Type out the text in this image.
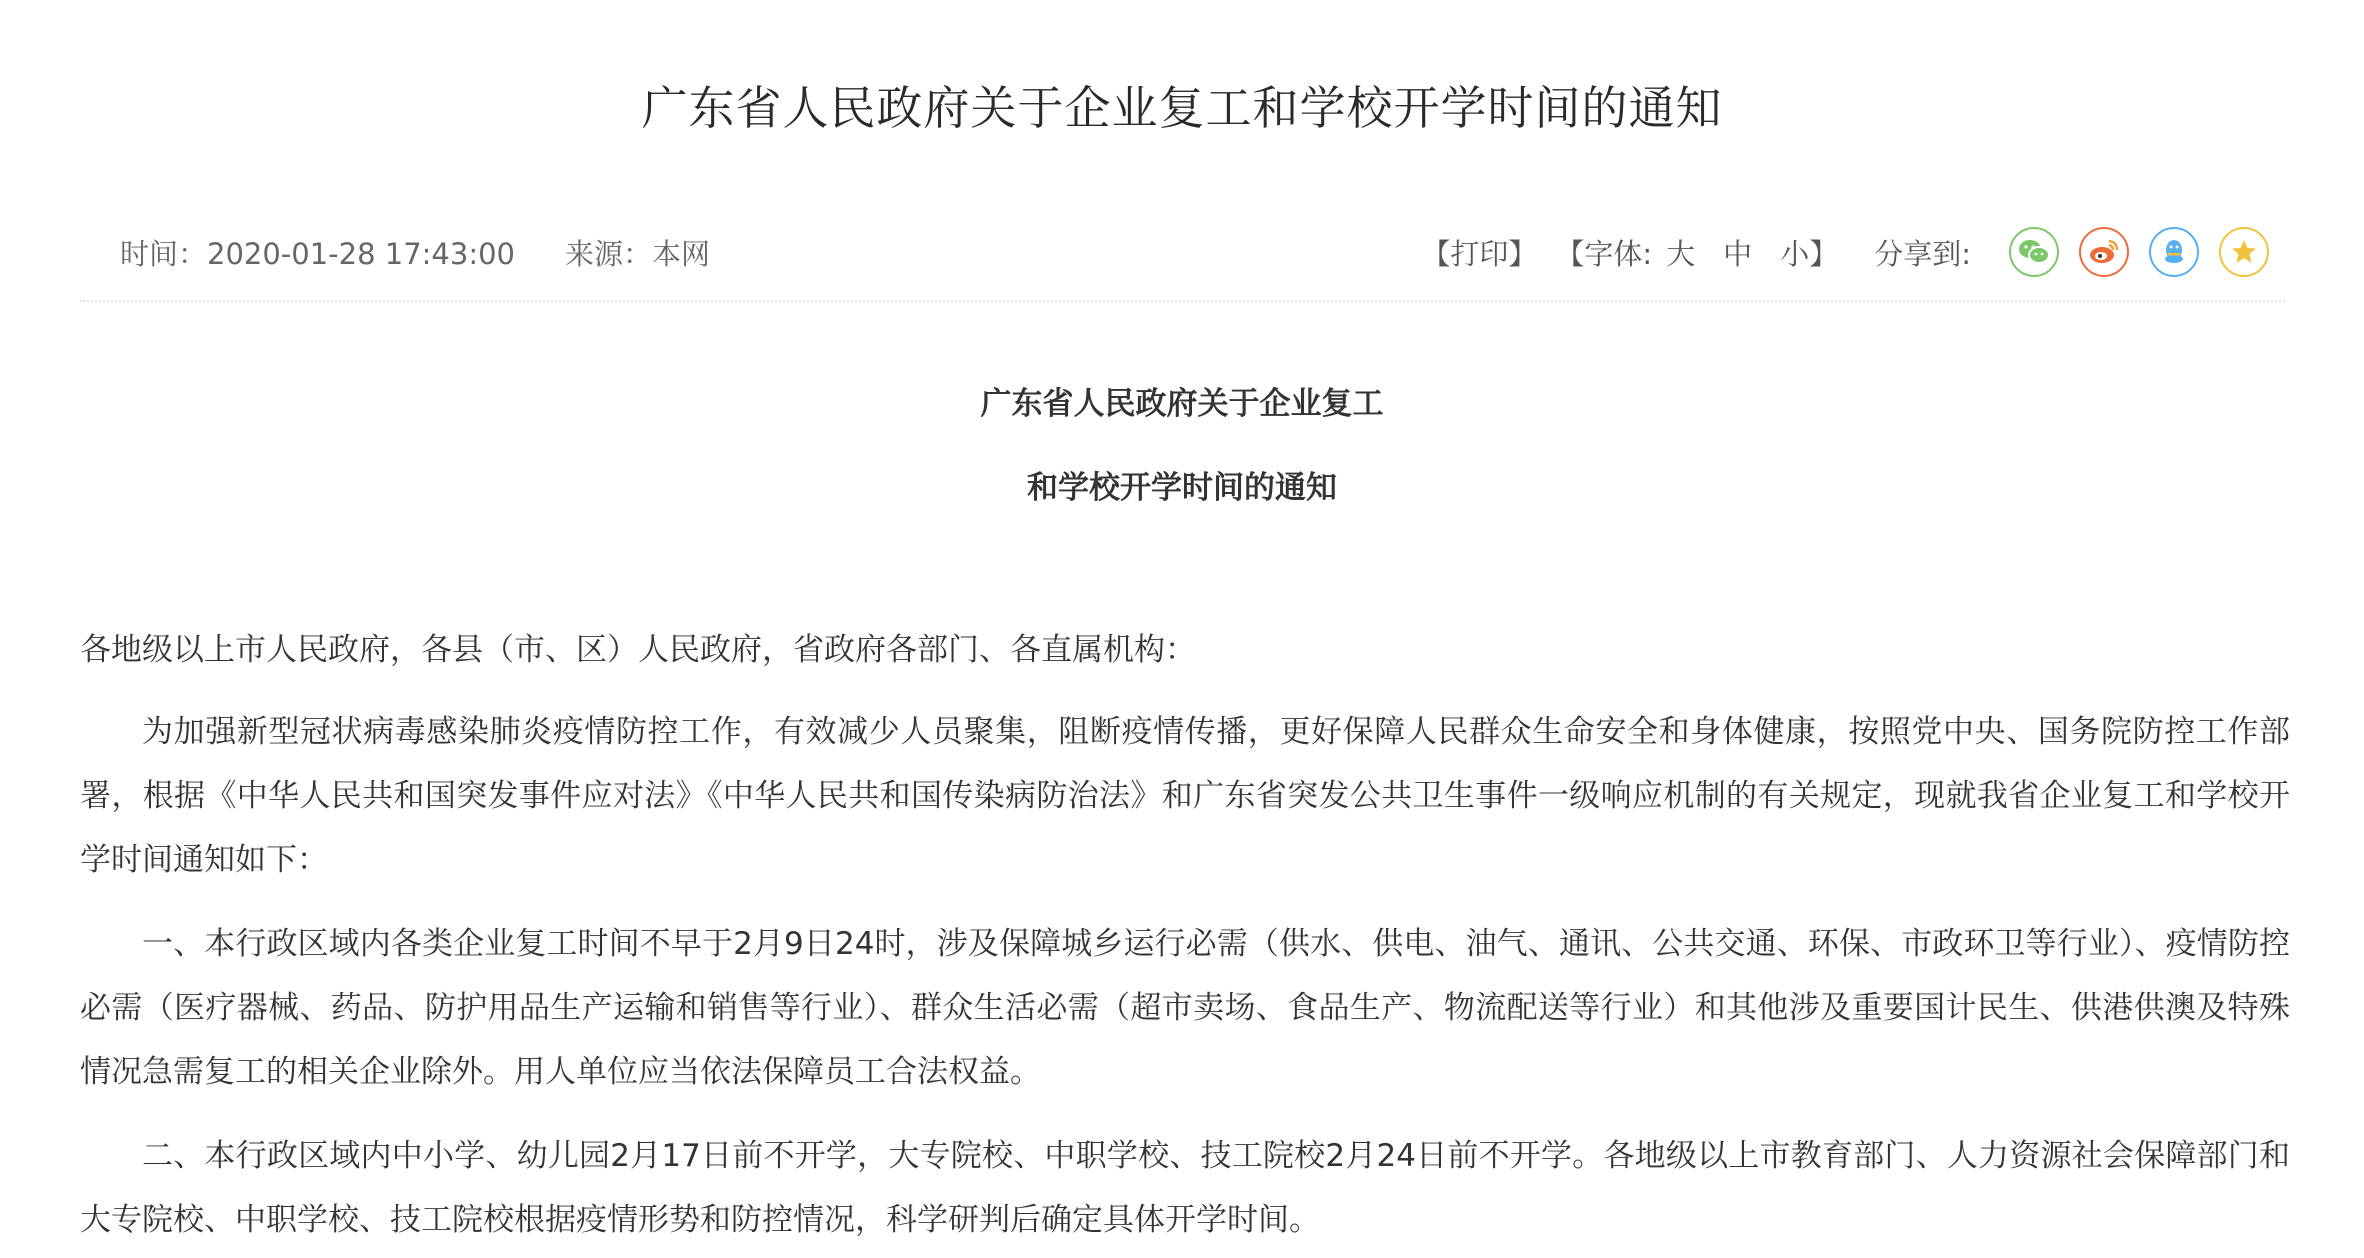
广东省人民政府关于企业复工和学校开学时间的通知
时间：2020-01-28 17:43:00 来源：本网	【打印】 【字体: 大 中 小 】 分享到:
广东省人民政府关于企业复工
和学校开学时间的通知

各地级以上市人民政府，各县（市、区）人民政府，省政府各部门、各直属机构：

为加强新型冠状病毒感染肺炎疫情防控工作，有效减少人员聚集，阻断疫情传播，更好保障人民群众生命安全和身体健康，按照党中央、国务院防控工作部署，根据《中华人民共和国突发事件应对法》《中华人民共和国传染病防治法》和广东省突发公共卫生事件一级响应机制的有关规定，现就我省企业复工和学校开学时间通知如下：

一、本行政区域内各类企业复工时间不早于2月9日24时，涉及保障城乡运行必需（供水、供电、油气、通讯、公共交通、环保、市政环卫等行业）、疫情防控必需（医疗器械、药品、防护用品生产运输和销售等行业）、群众生活必需（超市卖场、食品生产、物流配送等行业）和其他涉及重要国计民生、供港供澳及特殊情况急需复工的相关企业除外。用人单位应当依法保障员工合法权益。

二、本行政区域内中小学、幼儿园2月17日前不开学，大专院校、中职学校、技工院校2月24日前不开学。各地级以上市教育部门、人力资源社会保障部门和大专院校、中职学校、技工院校根据疫情形势和防控情况，科学研判后确定具体开学时间。
